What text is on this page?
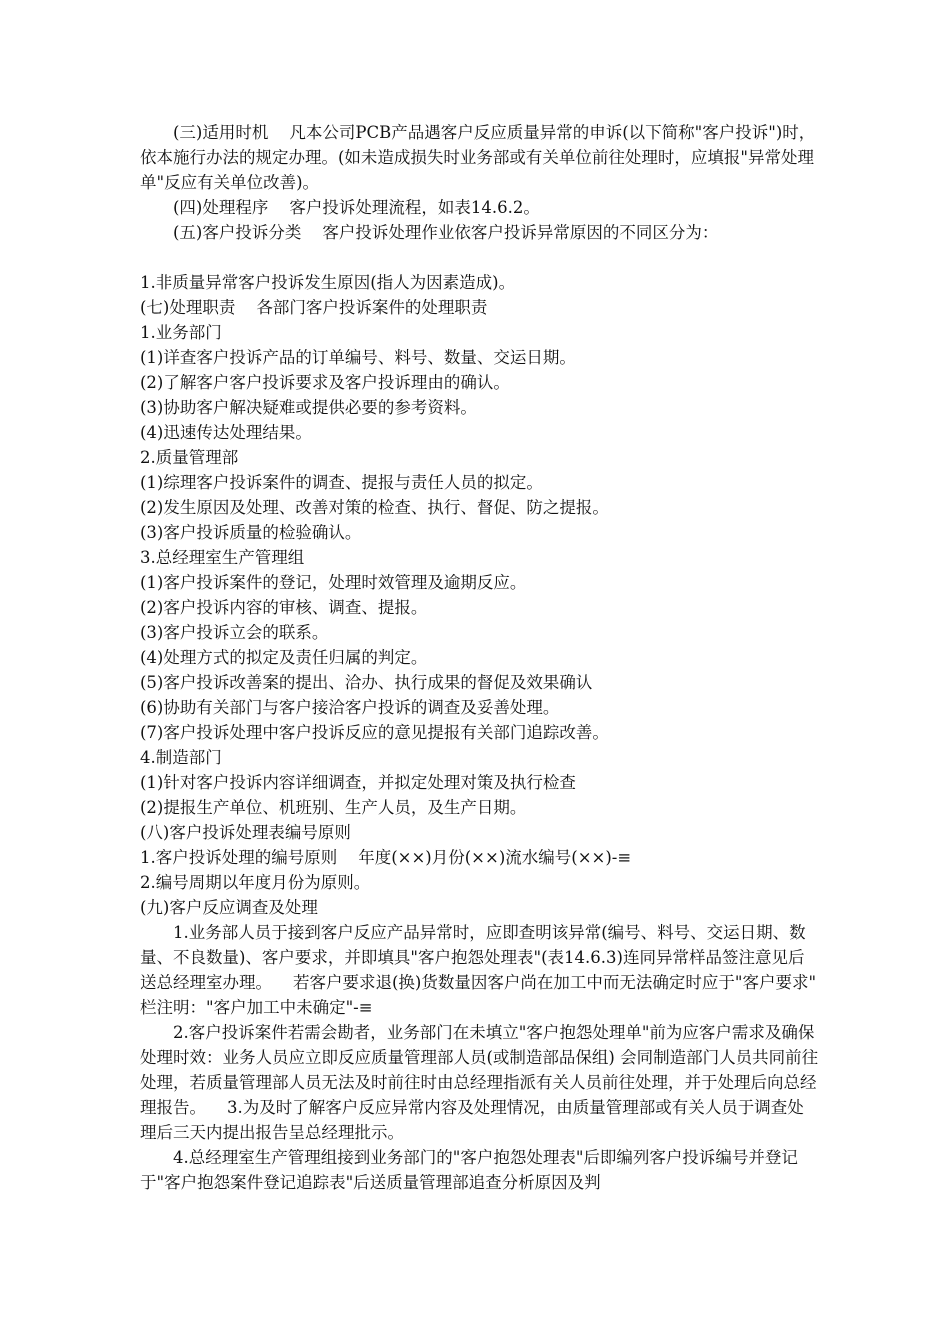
(三)适用时机    凡本公司PCB产品遇客户反应质量异常的申诉(以下简称"客户投诉")时，依本施行办法的规定办理。(如未造成损失时业务部或有关单位前往处理时，应填报"异常处理单"反应有关单位改善)。

(四)处理程序    客户投诉处理流程，如表14.6.2。

(五)客户投诉分类    客户投诉处理作业依客户投诉异常原因的不同区分为：

1.非质量异常客户投诉发生原因(指人为因素造成)。

(七)处理职责    各部门客户投诉案件的处理职责

1.业务部门

(1)详查客户投诉产品的订单编号、料号、数量、交运日期。

(2)了解客户客户投诉要求及客户投诉理由的确认。

(3)协助客户解决疑难或提供必要的参考资料。

(4)迅速传达处理结果。

2.质量管理部

(1)综理客户投诉案件的调查、提报与责任人员的拟定。

(2)发生原因及处理、改善对策的检查、执行、督促、防之提报。

(3)客户投诉质量的检验确认。

3.总经理室生产管理组

(1)客户投诉案件的登记，处理时效管理及逾期反应。

(2)客户投诉内容的审核、调查、提报。

(3)客户投诉立会的联系。

(4)处理方式的拟定及责任归属的判定。

(5)客户投诉改善案的提出、洽办、执行成果的督促及效果确认

(6)协助有关部门与客户接洽客户投诉的调查及妥善处理。

(7)客户投诉处理中客户投诉反应的意见提报有关部门追踪改善。

4.制造部门

(1)针对客户投诉内容详细调查，并拟定处理对策及执行检查

(2)提报生产单位、机班别、生产人员，及生产日期。

(八)客户投诉处理表编号原则

1.客户投诉处理的编号原则    年度(××)月份(××)流水编号(××)-≡

2.编号周期以年度月份为原则。

(九)客户反应调查及处理

1.业务部人员于接到客户反应产品异常时，应即查明该异常(编号、料号、交运日期、数量、不良数量)、客户要求，并即填具"客户抱怨处理表"(表14.6.3)连同异常样品签注意见后送总经理室办理。    若客户要求退(换)货数量因客户尚在加工中而无法确定时应于"客户要求" 栏注明："客户加工中未确定"-≡

2.客户投诉案件若需会勘者，业务部门在未填立"客户抱怨处理单"前为应客户需求及确保处理时效：业务人员应立即反应质量管理部人员(或制造部品保组) 会同制造部门人员共同前往处理，若质量管理部人员无法及时前往时由总经理指派有关人员前往处理，并于处理后向总经理报告。    3.为及时了解客户反应异常内容及处理情况，由质量管理部或有关人员于调查处理后三天内提出报告呈总经理批示。

4.总经理室生产管理组接到业务部门的"客户抱怨处理表"后即编列客户投诉编号并登记于"客户抱怨案件登记追踪表"后送质量管理部追查分析原因及判
